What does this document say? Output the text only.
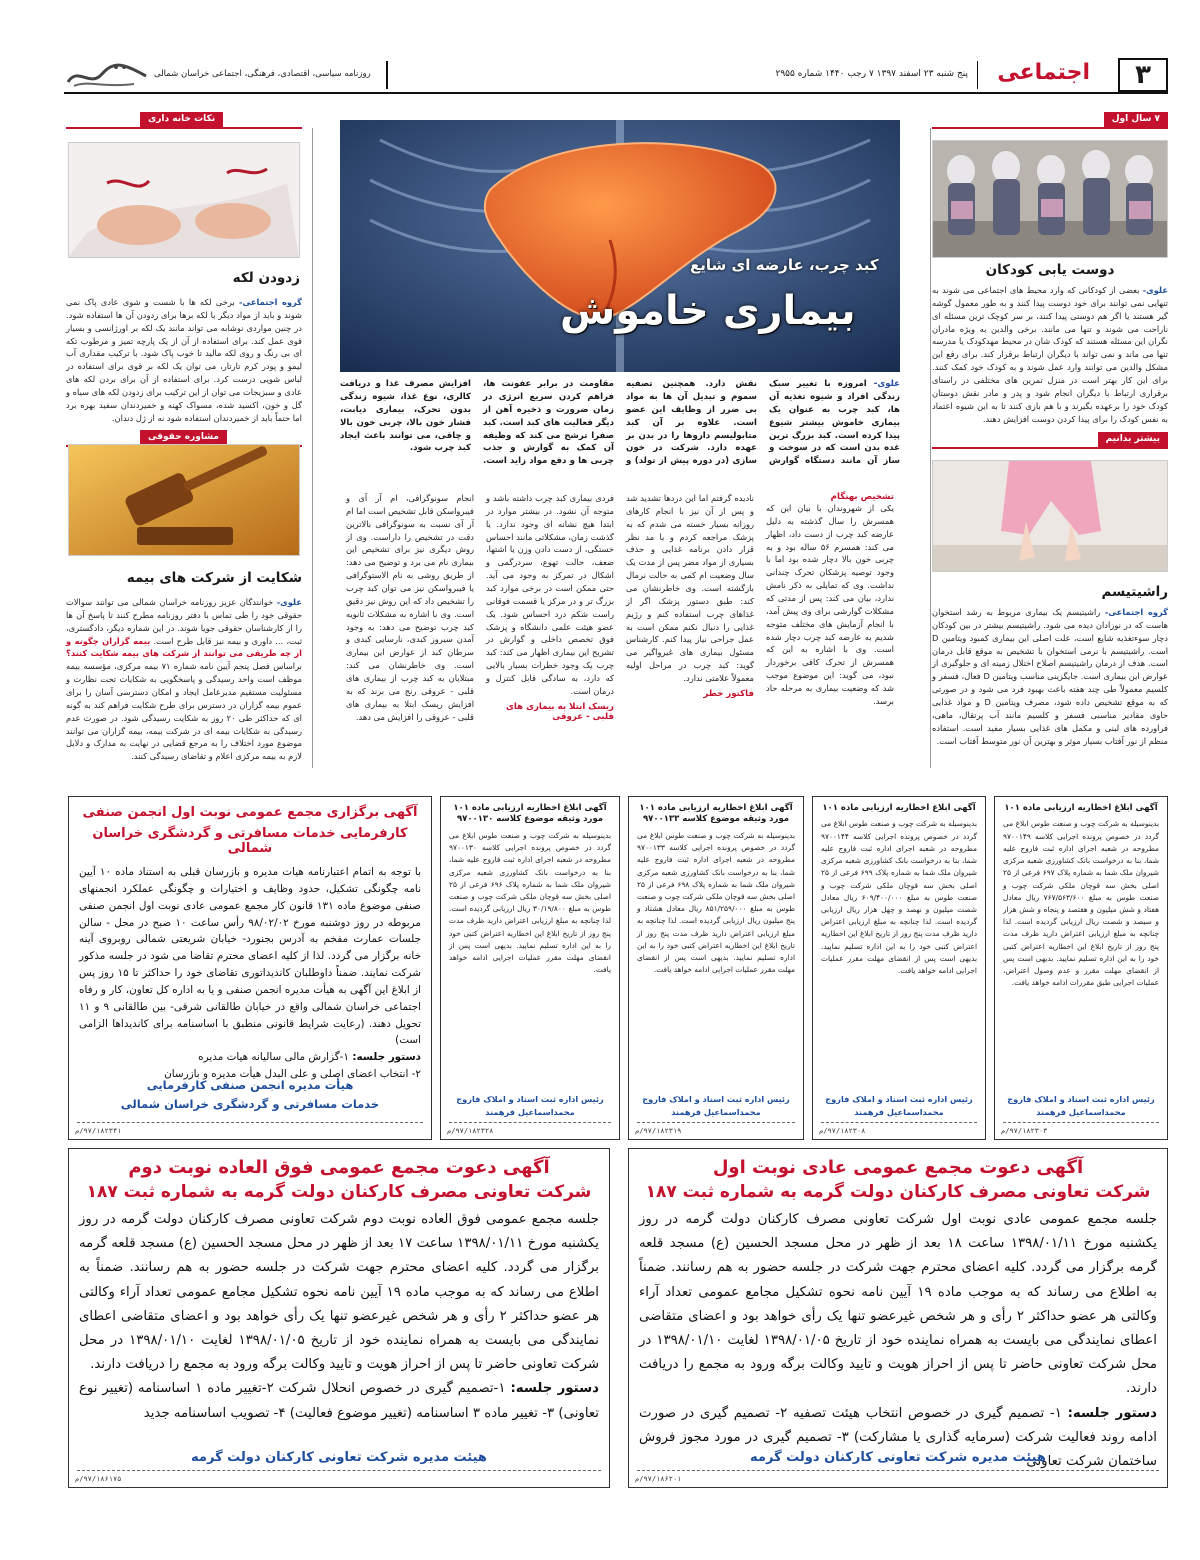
۳
اجتماعی
پنج شنبه ۲۳ اسفند ۱۳۹۷ ۷ رجب ۱۴۴۰ شماره ۲۹۵۵
روزنامه سیاسی، اقتصادی، فرهنگی، اجتماعی خراسان شمالی
۷ سال اول
دوست یابی کودکان
علوی- بعضی از کودکانی که وارد محیط های اجتماعی می شوند به تنهایی نمی توانند برای خود دوست پیدا کنند و به طور معمول گوشه گیر هستند یا اگر هم دوستی پیدا کنند، بر سر کوچک ترین مسئله ای ناراحت می شوند و تنها می مانند. برخی والدین به ویژه مادران نگران این مسئله هستند که کودک شان در محیط مهدکودک یا مدرسه تنها می ماند و نمی تواند با دیگران ارتباط برقرار کند. برای رفع این مشکل والدین می توانند وارد عمل شوند و به کودک خود کمک کنند. برای این کار بهتر است در منزل تمرین های مختلفی در راستای برقراری ارتباط با دیگران انجام شود و پدر و مادر نقش دوستان کودک خود را برعهده بگیرند و با هم بازی کنند تا به این شیوه اعتماد به نفس کودک را برای پیدا کردن دوست افزایش دهند.
بیشتر بدانیم
راشیتیسم
گروه اجتماعی- راشیتیسم یک بیماری مربوط به رشد استخوان هاست که در نوزادان دیده می شود. راشیتیسم بیشتر در بین کودکان دچار سوءتغذیه شایع است، علت اصلی این بیماری کمبود ویتامین D است. راشیتیسم با نرمی استخوان با تشخیص به موقع قابل درمان است. هدف از درمان راشیتیسم اصلاح اختلال زمینه ای و جلوگیری از عوارض این بیماری است. جایگزینی مناسب ویتامین D فعال، فسفر و کلسیم معمولاً طی چند هفته باعث بهبود فرد می شود و در صورتی که به موقع تشخیص داده شود، مصرف ویتامین D و مواد غذایی حاوی مقادیر مناسبی فسفر و کلسیم مانند آب پرتقال، ماهی، فراورده های لبنی و مکمل های غذایی بسیار مفید است. استفاده منظم از نور آفتاب بسیار موثر و بهترین آن نور متوسط آفتاب است.
نکات خانه داری
زدودن لکه
گروه اجتماعی- برخی لکه ها با شست و شوی عادی پاک نمی شوند و باید از مواد دیگر با لکه برها برای زدودن آن ها استفاده شود. در چنین مواردی نوشابه می تواند مانند یک لکه بر اورژانسی و بسیار قوی عمل کند. برای استفاده از آن از یک پارچه تمیز و مرطوب تکه ای بی رنگ و روی لکه مالید تا خوب پاک شود. با ترکیب مقداری آب لیمو و پودر کرم تارتار، می توان یک لکه بر قوی برای استفاده در لباس شویی درست کرد. برای استفاده از آن برای بردن لکه های عادی و سبزیجات می توان از این ترکیب برای زدودن لکه های سیاه و گل و خون، اکسید شده، مسواک کهنه و خمیردندان سفید بهره برد اما حتماً باید از خمیردندان استفاده شود نه از ژل دندان.
مشاوره حقوقی
شکایت از شرکت های بیمه
علوی- خوانندگان عزیز روزنامه خراسان شمالی می توانند سوالات حقوقی خود را طی تماس با دفتر روزنامه مطرح کنند تا پاسخ آن ها را از کارشناسان حقوقی جویا شوند. در این شماره دیگر، دادگستری، ثبت، ... داوری و بیمه نیز قابل طرح است. بیمه گزاران چگونه و از چه طریقی می توانند از شرکت های بیمه شکایت کنند؟ براساس فصل پنجم آیین نامه شماره ۷۱ بیمه مرکزی، مؤسسه بیمه موظف است واحد رسیدگی و پاسخگویی به شکایات تحت نظارت و مسئولیت مستقیم مدیرعامل ایجاد و امکان دسترسی آسان را برای عموم بیمه گزاران در دسترس برای طرح شکایت فراهم کند به گونه ای که حداکثر طی ۲۰ روز به شکایت رسیدگی شود. در صورت عدم رسیدگی به شکایات بیمه ای در شرکت بیمه، بیمه گزاران می توانند موضوع مورد اختلاف را به مرجع قضایی در نهایت به مدارک و دلایل لازم به بیمه مرکزی اعلام و تقاضای رسیدگی کنند.
کبد چرب، عارضه ای شایع
بیماری خاموش
علوی- امروزه با تغییر سبک زندگی افراد و شیوه تغذیه آن ها، کبد چرب به عنوان یک بیماری خاموش بیشتر شیوع پیدا کرده است. کبد بزرگ ترین غده بدن است که در سوخت و ساز آن مانند دستگاه گوارش نقش دارد. همچنین تصفیه سموم و تبدیل آن ها به مواد بی ضرر از وظایف این عضو است. علاوه بر آن کبد متابولیسم داروها را در بدن بر عهده دارد. شرکت در خون سازی (در دوره پیش از تولد) و مقاومت در برابر عفونت ها، فراهم کردن سریع انرژی در زمان ضرورت و ذخیره آهن از دیگر فعالیت های کبد است. کبد صفرا ترشح می کند که وظیفه آن کمک به گوارش و جذب چربی ها و دفع مواد زاید است. افزایش مصرف غذا و دریافت کالری، نوع غذا، شیوه زندگی بدون تحرک، بیماری دیابت، فشار خون بالا، چربی خون بالا و چاقی، می توانند باعث ایجاد کبد چرب شود.
تشخیص بهنگام
یکی از شهروندان با بیان این که همسرش را سال گذشته به دلیل عارضه کبد چرب از دست داد، اظهار می کند: همسرم ۵۶ ساله بود و به چربی خون بالا دچار شده بود اما با وجود توصیه پزشکان تحرک چندانی نداشت. وی که تمایلی به ذکر نامش ندارد، بیان می کند: پس از مدتی که مشکلات گوارشی برای وی پیش آمد، با انجام آزمایش های مختلف متوجه شدیم به عارضه کبد چرب دچار شده است. وی با اشاره به این که همسرش از تحرک کافی برخوردار نبود، می گوید: این موضوع موجب شد که وضعیت بیماری به مرحله حاد برسد.
نادیده گرفتم اما این دردها تشدید شد و پس از آن نیز با انجام کارهای روزانه بسیار خسته می شدم که به پزشک مراجعه کردم و با مد نظر قرار دادن برنامه غذایی و حذف بسیاری از مواد مضر پس از مدت یک سال وضعیت ام کمی به حالت نرمال بازگشته است. وی خاطرنشان می کند: طبق دستور پزشک اگر از غذاهای چرب استفاده کنم و رژیم غذایی را دنبال نکنم ممکن است به عمل جراحی نیاز پیدا کنم. کارشناس مسئول بیماری های غیرواگیر می گوید: کبد چرب در مراحل اولیه معمولاً علامتی ندارد.
فاکتور خطر
فردی بیماری کبد چرب داشته باشد و متوجه آن نشود. در بیشتر موارد در ابتدا هیچ نشانه ای وجود ندارد. یا گذشت زمان، مشکلاتی مانند احساس خستگی، از دست دادن وزن یا اشتها، ضعف، حالت تهوع، سردرگمی و اشکال در تمرکز به وجود می آید. حتی ممکن است در برخی موارد کبد بزرگ تر و در مرکز یا قسمت فوقانی راست شکم درد احساس شود. یک عضو هیئت علمی دانشگاه و پزشک فوق تخصص داخلی و گوارش در تشریح این بیماری اظهار می کند: کبد چرب یک وجود خطرات بسیار بالایی که دارد، به سادگی قابل کنترل و درمان است.
ریسک ابتلا به بیماری های قلبی - عروقی
انجام سونوگرافی، ام آر آی و فیبرواسکن قابل تشخیص است اما ام آر آی نسبت به سونوگرافی بالاترین دقت در تشخیص را داراست. وی از روش دیگری نیز برای تشخیص این بیماری نام می برد و توضیح می دهد: از طریق روشی به نام الاستوگرافی یا فیبرواسکن نیز می توان کبد چرب را تشخیص داد که این روش نیز دقیق است. وی با اشاره به مشکلات ثانویه کبد چرب توضیح می دهد: به وجود آمدن سیروز کبدی، نارسایی کبدی و سرطان کبد از عوارض این بیماری است. وی خاطرنشان می کند: مبتلایان به کبد چرب از بیماری های قلبی - عروقی رنج می برند که به افزایش ریسک ابتلا به بیماری های قلبی - عروقی را افزایش می دهد.
آگهی ابلاغ اخطاریه ارزیابی ماده ۱۰۱
بدینوسیله به شرکت چوب و صنعت طوس ابلاغ می گردد در خصوص پرونده اجرایی کلاسه ۹۷۰۰۱۴۹ مطروحه در شعبه اجرای اداره ثبت فاروج علیه شما، بنا به درخواست بانک کشاورزی شعبه مرکزی شیروان ملک شما به شماره پلاک ۶۹۷ فرعی از ۲۵ اصلی بخش سه قوچان ملکی شرکت چوب و صنعت طوس به مبلغ ۷۶۷/۵۶۳/۶۰۰ ریال معادل هفتاد و شش میلیون و هفتصد و پنجاه و شش هزار و سیصد و شصت ریال ارزیابی گردیده است. لذا چنانچه به مبلغ ارزیابی اعتراض دارید ظرف مدت پنج روز از تاریخ ابلاغ این اخطاریه اعتراض کتبی خود را به این اداره تسلیم نمایید. بدیهی است پس از انقضای مهلت مقرر و عدم وصول اعتراض، عملیات اجرایی طبق مقررات ادامه خواهد یافت.
رئیس اداره ثبت اسناد و املاک فاروج
محمداسماعیل فرهمند
۹۷/۱۸۲۳۰۳/م
آگهی ابلاغ اخطاریه ارزیابی ماده ۱۰۱
بدینوسیله به شرکت چوب و صنعت طوس ابلاغ می گردد در خصوص پرونده اجرایی کلاسه ۹۷۰۰۱۴۴ مطروحه در شعبه اجرای اداره ثبت فاروج علیه شما، بنا به درخواست بانک کشاورزی شعبه مرکزی شیروان ملک شما به شماره پلاک ۶۹۹ فرعی از ۲۵ اصلی بخش سه قوچان ملکی شرکت چوب و صنعت طوس به مبلغ ۶۰۹/۴۰۰/۰۰۰ ریال معادل شصت میلیون و نهصد و چهل هزار ریال ارزیابی گردیده است. لذا چنانچه به مبلغ ارزیابی اعتراض دارید ظرف مدت پنج روز از تاریخ ابلاغ این اخطاریه اعتراض کتبی خود را به این اداره تسلیم نمایید. بدیهی است پس از انقضای مهلت مقرر عملیات اجرایی ادامه خواهد یافت.
رئیس اداره ثبت اسناد و املاک فاروج
محمداسماعیل فرهمند
۹۷/۱۸۲۳۰۸/م
آگهی ابلاغ اخطاریه ارزیابی ماده ۱۰۱ مورد وثیقه موضوع کلاسه ۹۷۰۰۱۳۳
بدینوسیله به شرکت چوب و صنعت طوس ابلاغ می گردد در خصوص پرونده اجرایی کلاسه ۹۷۰۰۱۳۳ مطروحه در شعبه اجرای اداره ثبت فاروج علیه شما، بنا به درخواست بانک کشاورزی شعبه مرکزی شیروان ملک شما به شماره پلاک ۶۹۸ فرعی از ۲۵ اصلی بخش سه قوچان ملکی شرکت چوب و صنعت طوس به مبلغ ۸۵۱/۲۵۹/۰۰۰ ریال معادل هشتاد و پنج میلیون ریال ارزیابی گردیده است. لذا چنانچه به مبلغ ارزیابی اعتراض دارید ظرف مدت پنج روز از تاریخ ابلاغ این اخطاریه اعتراض کتبی خود را به این اداره تسلیم نمایید. بدیهی است پس از انقضای مهلت مقرر عملیات اجرایی ادامه خواهد یافت.
رئیس اداره ثبت اسناد و املاک فاروج
محمداسماعیل فرهمند
۹۷/۱۸۲۳۱۹/م
آگهی ابلاغ اخطاریه ارزیابی ماده ۱۰۱ مورد وثیقه موضوع کلاسه ۹۷۰۰۱۳۰
بدینوسیله به شرکت چوب و صنعت طوس ابلاغ می گردد در خصوص پرونده اجرایی کلاسه ۹۷۰۰۱۳۰ مطروحه در شعبه اجرای اداره ثبت فاروج علیه شما، بنا به درخواست بانک کشاورزی شعبه مرکزی شیروان ملک شما به شماره پلاک ۶۹۶ فرعی از ۲۵ اصلی بخش سه قوچان ملکی شرکت چوب و صنعت طوس به مبلغ ۳۰/۱۹/۸۰۰ ریال ارزیابی گردیده است. لذا چنانچه به مبلغ ارزیابی اعتراض دارید ظرف مدت پنج روز از تاریخ ابلاغ این اخطاریه اعتراض کتبی خود را به این اداره تسلیم نمایید. بدیهی است پس از انقضای مهلت مقرر عملیات اجرایی ادامه خواهد یافت.
رئیس اداره ثبت اسناد و املاک فاروج
محمداسماعیل فرهمند
۹۷/۱۸۲۳۲۸/م
آگهی برگزاری مجمع عمومی نوبت اول انجمن صنفی
کارفرمایی خدمات مسافرتی و گردشگری خراسان شمالی
با توجه به اتمام اعتبارنامه هیات مدیره و بازرسان قبلی به استناد ماده ۱۰ آیین نامه چگونگی تشکیل، حدود وظایف و اختیارات و چگونگی عملکرد انجمنهای صنفی موضوع ماده ۱۳۱ قانون کار مجمع عمومی عادی نوبت اول انجمن صنفی مربوطه در روز دوشنبه مورخ ۹۸/۰۲/۰۲ رأس ساعت ۱۰ صبح در محل - سالن جلسات عمارت مفخم به آدرس بجنورد- خیابان شریعتی شمالی روبروی آینه خانه برگزار می گردد. لذا از کلیه اعضای محترم تقاضا می شود در جلسه مذکور شرکت نمایند. ضمناً داوطلبان کاندیداتوری تقاضای خود را حداکثر تا ۱۵ روز پس از ابلاغ این آگهی به هیأت مدیره انجمن صنفی و یا به اداره کل تعاون، کار و رفاه اجتماعی خراسان شمالی واقع در خیابان طالقانی شرقی- بین طالقانی ۹ و ۱۱ تحویل دهند. (رعایت شرایط قانونی منطبق با اساسنامه برای کاندیداها الزامی است)
دستور جلسه: ۱-گزارش مالی سالیانه هیات مدیره
۲- انتخاب اعضای اصلی و علی البدل هیأت مدیره و بازرسان
هیأت مدیره انجمن صنفی کارفرمایی
خدمات مسافرتی و گردشگری خراسان شمالی
۹۷/۱۸۲۳۴۱/م
آگهی دعوت مجمع عمومی عادی نوبت اول
شرکت تعاونی مصرف کارکنان دولت گرمه به شماره ثبت ۱۸۷
جلسه مجمع عمومی عادی نوبت اول شرکت تعاونی مصرف کارکنان دولت گرمه در روز یکشنبه مورخ ۱۳۹۸/۰۱/۱۱ ساعت ۱۸ بعد از ظهر در محل مسجد الحسین (ع) مسجد قلعه گرمه برگزار می گردد. کلیه اعضای محترم جهت شرکت در جلسه حضور به هم رسانند. ضمناً به اطلاع می رساند که به موجب ماده ۱۹ آیین نامه نحوه تشکیل مجامع عمومی تعداد آراء وکالتی هر عضو حداکثر ۲ رأی و هر شخص غیرعضو تنها یک رأی خواهد بود و اعضای متقاضی اعطای نمایندگی می بایست به همراه نماینده خود از تاریخ ۱۳۹۸/۰۱/۰۵ لغایت ۱۳۹۸/۰۱/۱۰ در محل شرکت تعاونی حاضر تا پس از احراز هویت و تایید وکالت برگه ورود به مجمع را دریافت دارند.
دستور جلسه: ۱- تصمیم گیری در خصوص انتخاب هیئت تصفیه ۲- تصمیم گیری در صورت ادامه روند فعالیت شرکت (سرمایه گذاری یا مشارکت) ۳- تصمیم گیری در مورد مجوز فروش ساختمان شرکت تعاونی
هیئت مدیره شرکت تعاونی کارکنان دولت گرمه
۹۷/۱۸۶۲۰۱/م
آگهی دعوت مجمع عمومی فوق العاده نوبت دوم
شرکت تعاونی مصرف کارکنان دولت گرمه به شماره ثبت ۱۸۷
جلسه مجمع عمومی فوق العاده نوبت دوم شرکت تعاونی مصرف کارکنان دولت گرمه در روز یکشنبه مورخ ۱۳۹۸/۰۱/۱۱ ساعت ۱۷ بعد از ظهر در محل مسجد الحسین (ع) مسجد قلعه گرمه برگزار می گردد. کلیه اعضای محترم جهت شرکت در جلسه حضور به هم رسانند. ضمناً به اطلاع می رساند که به موجب ماده ۱۹ آیین نامه نحوه تشکیل مجامع عمومی تعداد آراء وکالتی هر عضو حداکثر ۲ رأی و هر شخص غیرعضو تنها یک رأی خواهد بود و اعضای متقاضی اعطای نمایندگی می بایست به همراه نماینده خود از تاریخ ۱۳۹۸/۰۱/۰۵ لغایت ۱۳۹۸/۰۱/۱۰ در محل شرکت تعاونی حاضر تا پس از احراز هویت و تایید وکالت برگه ورود به مجمع را دریافت دارند.
دستور جلسه: ۱-تصمیم گیری در خصوص انحلال شرکت ۲-تغییر ماده ۱ اساسنامه (تغییر نوع تعاونی) ۳- تغییر ماده ۳ اساسنامه (تغییر موضوع فعالیت) ۴- تصویب اساسنامه جدید
هیئت مدیره شرکت تعاونی کارکنان دولت گرمه
۹۷/۱۸۶۱۷۵/م
